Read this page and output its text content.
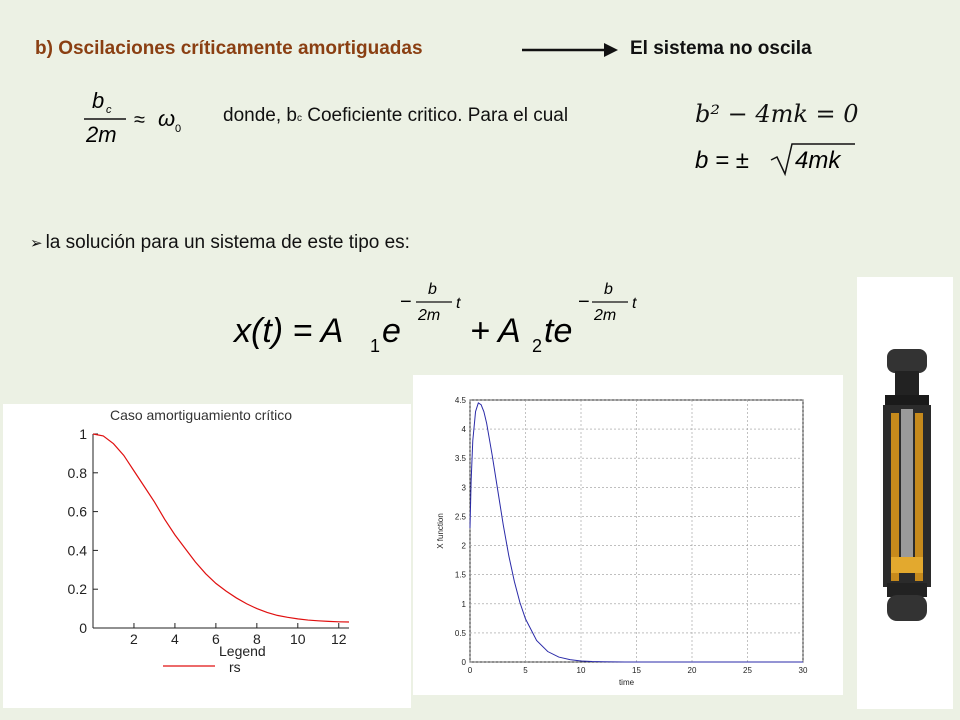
b) Oscilaciones críticamente amortiguadas	El sistema no oscila
b c
2m
≈ ω 0
donde, bc Coeficiente critico. Para el cual	b² − 4mk = 0
b = ± 4mk
➢ la solución para un sistema de este tipo es:
x(t) = A 1 e
−
b
2m
t
+ A 2 te
−
b
2m
t
Caso amortiguamiento crítico
2 4 6 8 10 12
0
0.2
0.4
0.6
0.8
1
Legend
rs	0	5	10	15	20	25	30
0
0.5
1
1.5
2
2.5
3
3.5
4
4.5
time
X function
